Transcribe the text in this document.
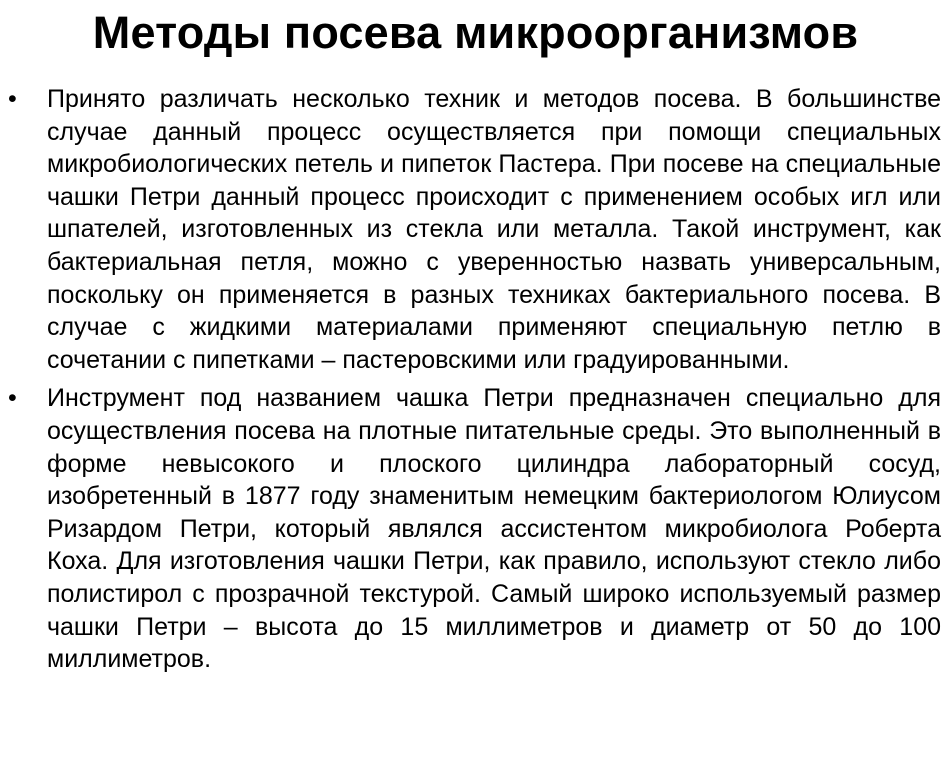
Методы посева микроорганизмов
•	Принято различать несколько техник и методов посева. В большинстве случае данный процесс осуществляется при помощи специальных микробиологических петель и пипеток Пастера. При посеве на специальные чашки Петри данный процесс происходит с применением особых игл или шпателей, изготовленных из стекла или металла. Такой инструмент, как бактериальная петля, можно с уверенностью назвать универсальным, поскольку он применяется в разных техниках бактериального посева. В случае с жидкими материалами применяют специальную петлю в сочетании с пипетками – пастеровскими или градуированными.
•	Инструмент под названием чашка Петри предназначен специально для осуществления посева на плотные питательные среды. Это выполненный в форме невысокого и плоского цилиндра лабораторный сосуд, изобретенный в 1877 году знаменитым немецким бактериологом Юлиусом Ризардом Петри, который являлся ассистентом микробиолога Роберта Коха. Для изготовления чашки Петри, как правило, используют стекло либо полистирол с прозрачной текстурой. Самый широко используемый размер чашки Петри – высота до 15 миллиметров и диаметр от 50 до 100 миллиметров.
